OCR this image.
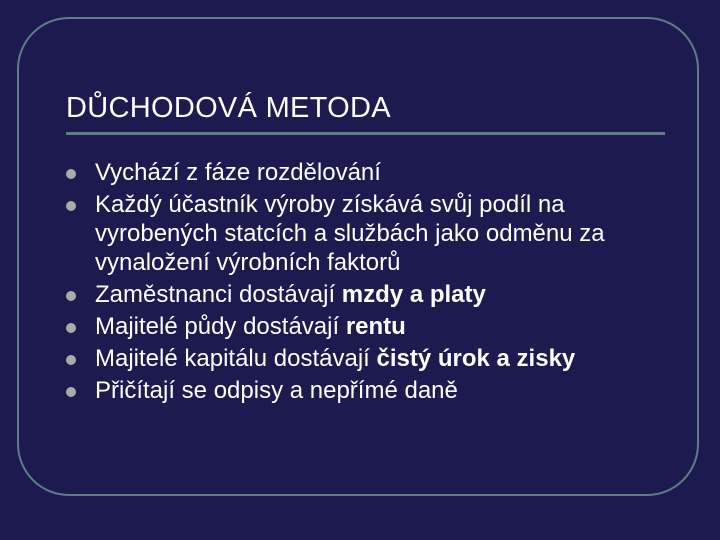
DŮCHODOVÁ METODA
Vychází z fáze rozdělování
Každý účastník výroby získává svůj podíl na vyrobených statcích a službách jako odměnu za vynaložení výrobních faktorů
Zaměstnanci dostávají mzdy a platy
Majitelé půdy dostávají rentu
Majitelé kapitálu dostávají čistý úrok a zisky
Přičítají se odpisy a nepřímé daně
